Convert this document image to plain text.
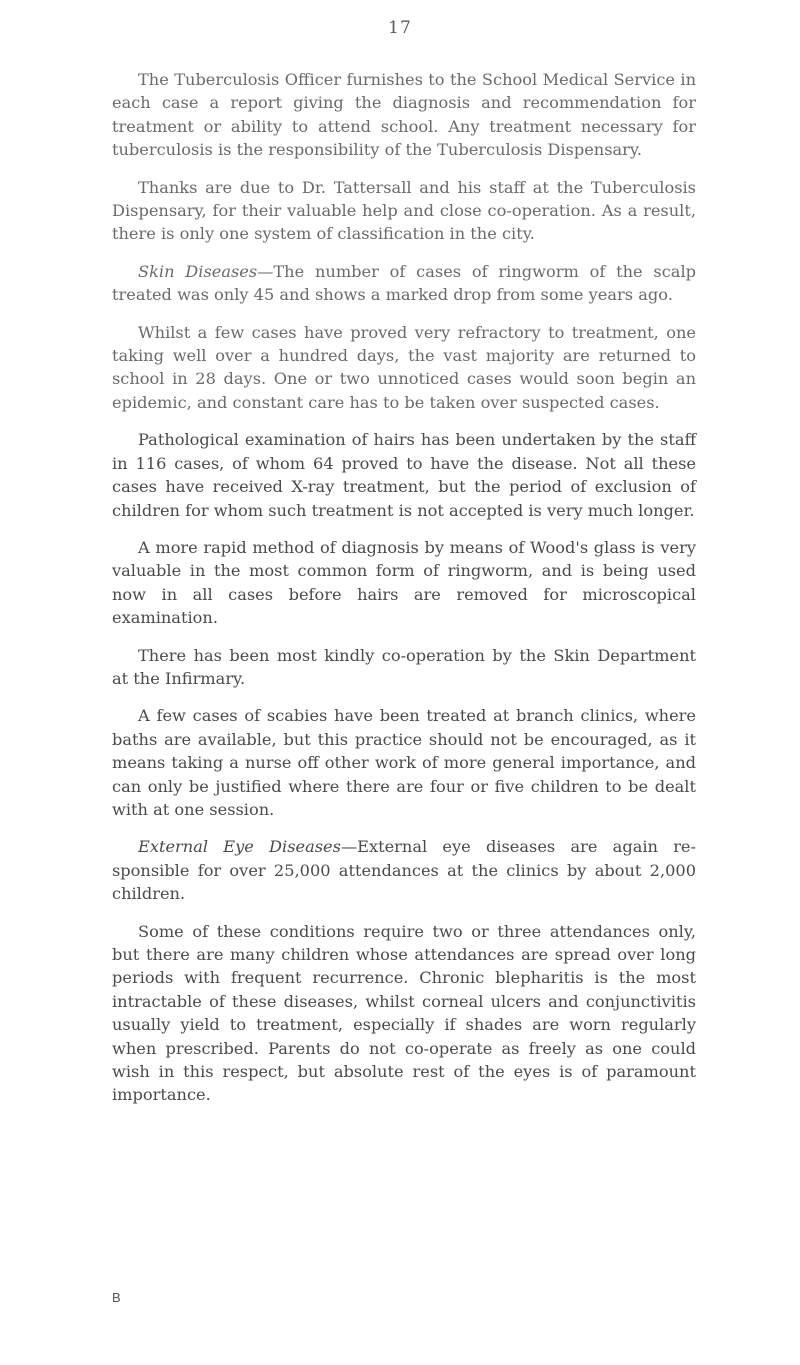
17

The Tuberculosis Officer furnishes to the School Medical Service in each case a report giving the diagnosis and recommendation for treatment or ability to attend school. Any treatment necessary for tuberculosis is the responsibility of the Tuberculosis Dispensary.

Thanks are due to Dr. Tattersall and his staff at the Tuberculosis Dispensary, for their valuable help and close co-operation. As a result, there is only one system of classification in the city.

Skin Diseases—The number of cases of ringworm of the scalp treated was only 45 and shows a marked drop from some years ago.

Whilst a few cases have proved very refractory to treatment, one taking well over a hundred days, the vast majority are returned to school in 28 days. One or two unnoticed cases would soon begin an epidemic, and constant care has to be taken over suspected cases.

Pathological examination of hairs has been undertaken by the staff in 116 cases, of whom 64 proved to have the disease. Not all these cases have received X-ray treatment, but the period of exclusion of children for whom such treatment is not accepted is very much longer.

A more rapid method of diagnosis by means of Wood's glass is very valuable in the most common form of ringworm, and is being used now in all cases before hairs are removed for microscopical examination.

There has been most kindly co-operation by the Skin Department at the Infirmary.

A few cases of scabies have been treated at branch clinics, where baths are available, but this practice should not be encouraged, as it means taking a nurse off other work of more general importance, and can only be justified where there are four or five children to be dealt with at one session.

External Eye Diseases—External eye diseases are again responsible for over 25,000 attendances at the clinics by about 2,000 children.

Some of these conditions require two or three attendances only, but there are many children whose attendances are spread over long periods with frequent recurrence. Chronic blepharitis is the most intractable of these diseases, whilst corneal ulcers and conjunctivitis usually yield to treatment, especially if shades are worn regularly when prescribed. Parents do not co-operate as freely as one could wish in this respect, but absolute rest of the eyes is of paramount importance.

B
